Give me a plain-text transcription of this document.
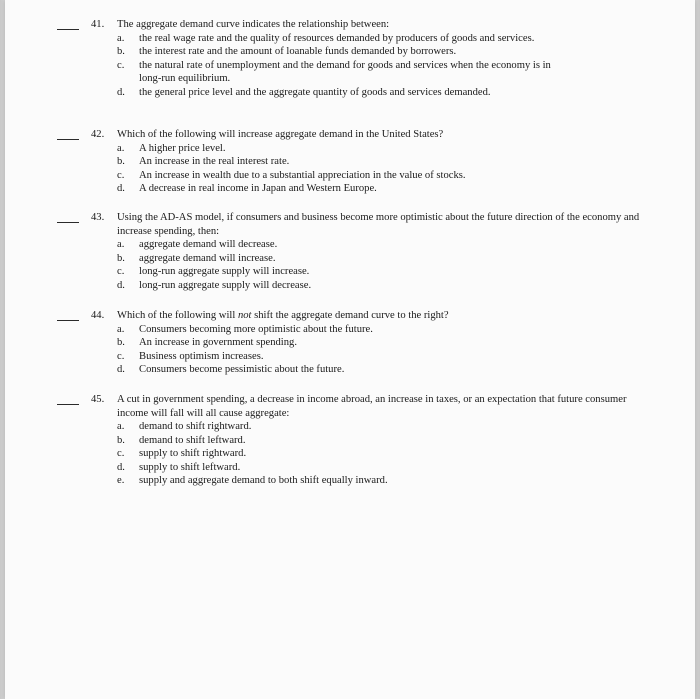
41. The aggregate demand curve indicates the relationship between:
a.	the real wage rate and the quality of resources demanded by producers of goods and services.
b.	the interest rate and the amount of loanable funds demanded by borrowers.
c.	the natural rate of unemployment and the demand for goods and services when the economy is in long-run equilibrium.
d.	the general price level and the aggregate quantity of goods and services demanded.
42. Which of the following will increase aggregate demand in the United States?
a.	A higher price level.
b.	An increase in the real interest rate.
c.	An increase in wealth due to a substantial appreciation in the value of stocks.
d.	A decrease in real income in Japan and Western Europe.
43. Using the AD-AS model, if consumers and business become more optimistic about the future direction of the economy and increase spending, then:
a.	aggregate demand will decrease.
b.	aggregate demand will increase.
c.	long-run aggregate supply will increase.
d.	long-run aggregate supply will decrease.
44. Which of the following will not shift the aggregate demand curve to the right?
a.	Consumers becoming more optimistic about the future.
b.	An increase in government spending.
c.	Business optimism increases.
d.	Consumers become pessimistic about the future.
45. A cut in government spending, a decrease in income abroad, an increase in taxes, or an expectation that future consumer income will fall will all cause aggregate:
a.	demand to shift rightward.
b.	demand to shift leftward.
c.	supply to shift rightward.
d.	supply to shift leftward.
e.	supply and aggregate demand to both shift equally inward.
